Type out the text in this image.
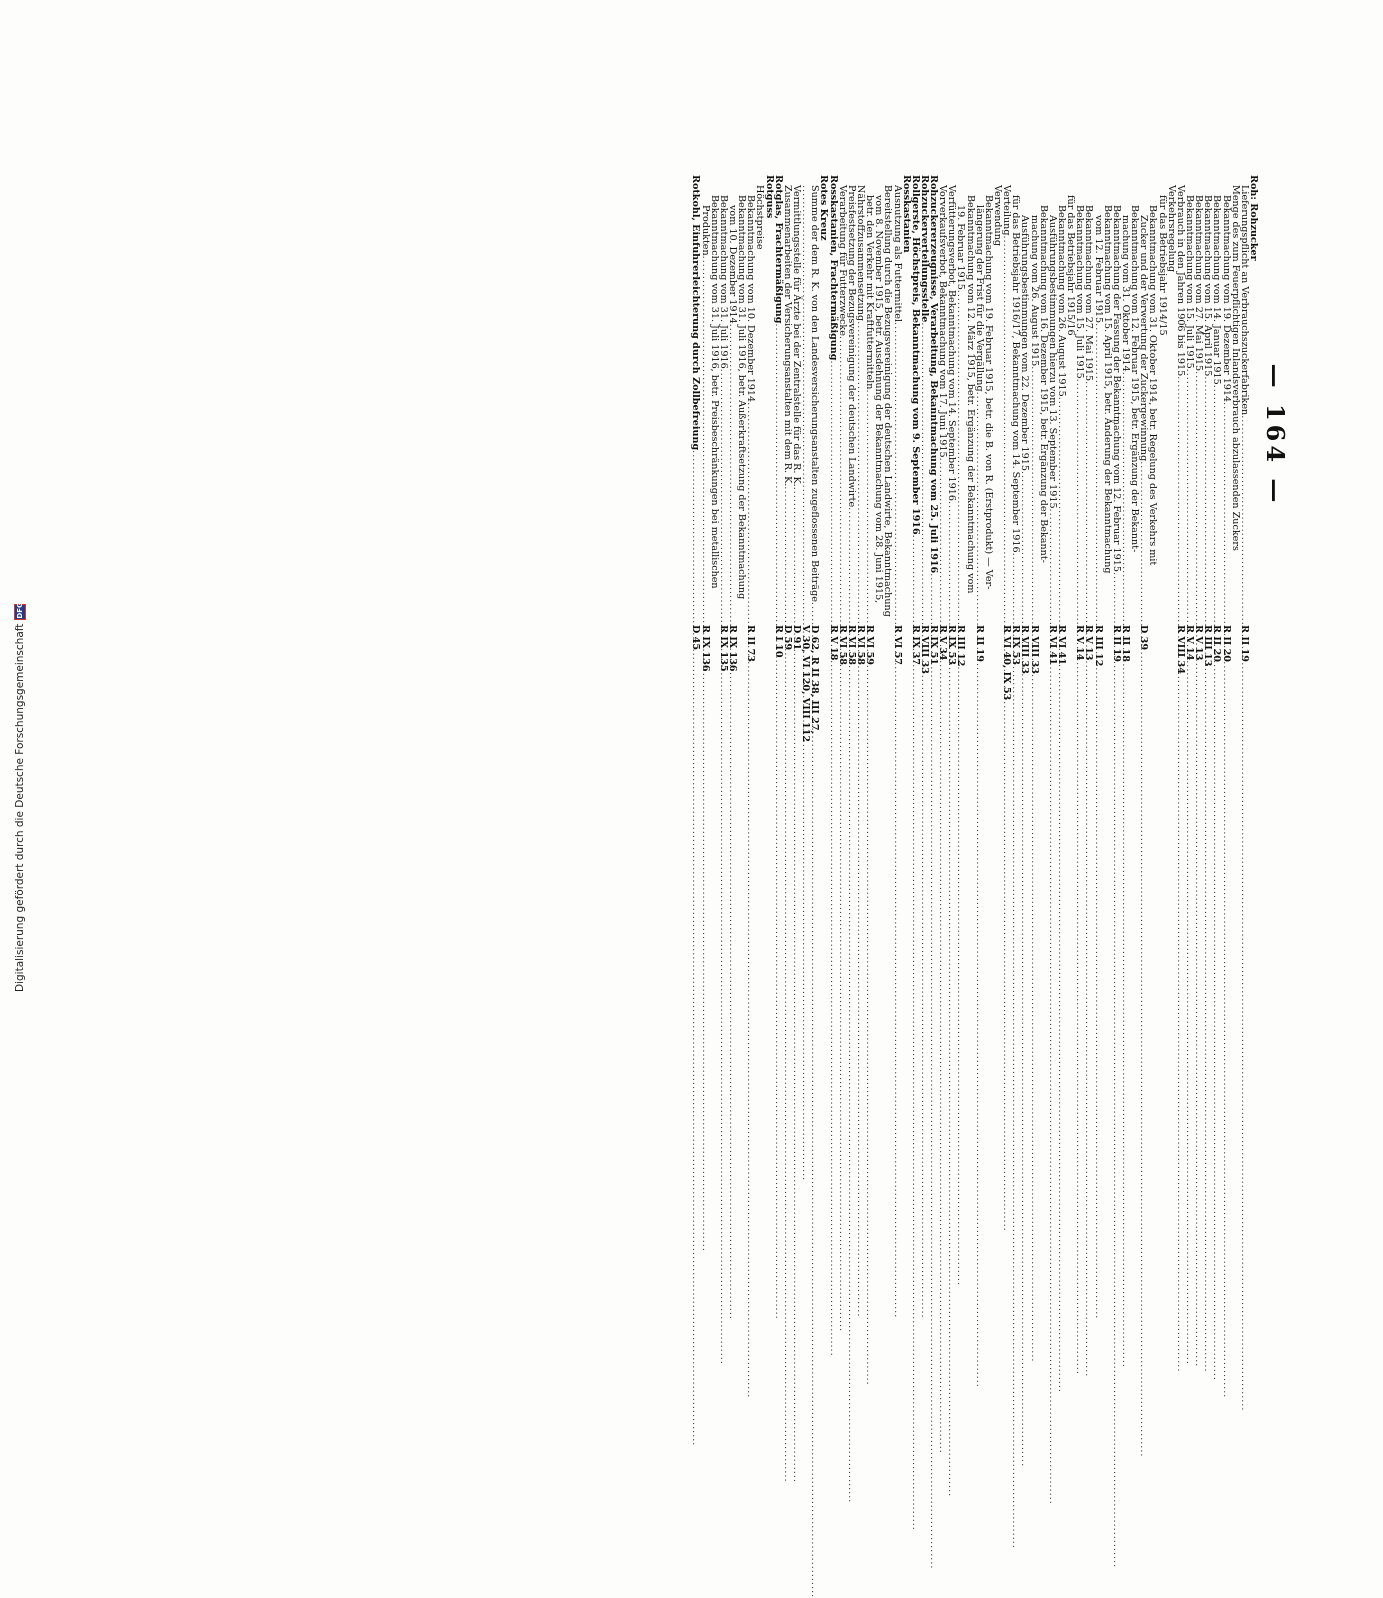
— 164 —
Roh: Rohzucker
Lieferungspflicht an Verbrauchszuckerfabriken
.....
R II 19
Menge des zum Feuerpflichtigen Inlandsverbrauch abzulassenden Zuckers
Bekanntmachung vom 19. Dezember 1914
.....
R II 20
Bekanntmachung vom 14. Januar 1915
.....
R II 20
Bekanntmachung vom 15. April 1915
.....
R III 13
Bekanntmachung vom 27. Mai 1915
.....
R V 13
Bekanntmachung vom 15. Juli 1915
.....
R V 14
Verbrauch in den Jahren 1906 bis 1915
.....
R VIII 34
Verkehrsregelung
für das Betriebsjahr 1914/15
Bekanntmachung vom 31. Oktober 1914, betr. Regelung des Verkehrs mit
Zucker und der Verwertung der Zuckergewinnung
.....
D 39
Bekanntmachung vom 12. Februar 1915, betr. Ergänzung der Bekannt-
machung vom 31. Oktober 1914
.....
R II 18
Bekanntmachung der Fassung der Bekanntmachung vom 12. Februar 1915
.....
R II 19
Bekanntmachung vom 15. April 1915, betr. Änderung der Bekanntmachung
vom 12. Februar 1915
.....
R III 12
Bekanntmachung vom 27. Mai 1915
.....
R V 13
Bekanntmachung vom 15. Juli 1915
.....
R V 14
für das Betriebsjahr 1915/16
Bekanntmachung vom 26. August 1915
.....
R VI 41
Ausführungsbestimmungen hierzu vom 13. September 1915
.....
R VI 41
Bekanntmachung vom 16. Dezember 1915, betr. Ergänzung der Bekannt-
machung vom 26. August 1915
.....
R VIII 33
Ausführungsbestimmungen vom 22. Dezember 1915
.....
R VIII 33
für das Betriebsjahr 1916/17, Bekanntmachung vom 14. September 1916
.....
R IX 53
Verteilung
.....
R VI 40, IX 53
Verwendung
Bekanntmachung vom 19. Februar 1915, betr. die B. von R. (Erstprodukt) — Ver-
längerung der Frist für die Vergällung
.....
R II 19
Bekanntmachung vom 12. März 1915, betr. Ergänzung der Bekanntmachung vom
19. Februar 1915
.....
R III 12
Verfütterungsverbot, Bekanntmachung vom 14. September 1916
.....
R IX 53
Vorverkaufsverbot, Bekanntmachung vom 17. Juni 1915
.....
R V 34
Rohzuckererzeugnisse, Verarbeitung, Bekanntmachung vom 25. Juli 1916
.....
R IX 51
Rohzuckerverteilungsstelle
.....
R VIII 33
Rollgerste, Höchstpreis, Bekanntmachung vom 9. September 1916
.....
R IX 37
Rosskastanien
Ausnutzung als Futtermittel
.....
R VI 57
Bereitstellung durch die Bezugsvereinigung der deutschen Landwirte, Bekanntmachung
vom 8. November 1915, betr. Ausdehnung der Bekanntmachung vom 28. Juni 1915,
betr. den Verkehr mit Kraftfuttermitteln
.....
R VI 59
Nährstoffzusammensetzung
.....
R VI 58
Preisfestsetzung der Bezugsvereinigung der deutschen Landwirte
.....
R VI 58
Verarbeitung für Futterzwecke
.....
R VI 58
Rosskastanien, Frachtermäßigung
.....
R V 18
Rotes Kreuz
Summe der dem R. K. von den Landesversicherungsanstalten zugeflossenen Beiträge
.....
D 62, R II 38, III 27,
.....
V 30, VI 120, VIII 112
Vermittlungsstelle für Ärzte bei der Zentralstelle für das R. K.
.....
D 91
Zusammenarbeiten der Versicherungsanstalten mit dem R. K.
.....
D 59
Rotglas, Frachtermäßigung
.....
R I 10
Rotguss
Höchstpreise
Bekanntmachung vom 10. Dezember 1914
.....
R II 73
Bekanntmachung vom 31. Juli 1916, betr. Außerkraftsetzung der Bekanntmachung
vom 10. Dezember 1914
.....
R IX 136
Bekanntmachung vom 31. Juli 1916
.....
R IX 135
Bekanntmachung vom 31. Juli 1916, betr. Preisbeschränkungen bei metallischen
Produkten
.....
R IX 136
Rotkohl, Einfuhrerleichterung durch Zollbefreiung
.....
D 45
Digitalisierung gefördert durch die Deutsche Forschungsgemeinschaft
DFG
